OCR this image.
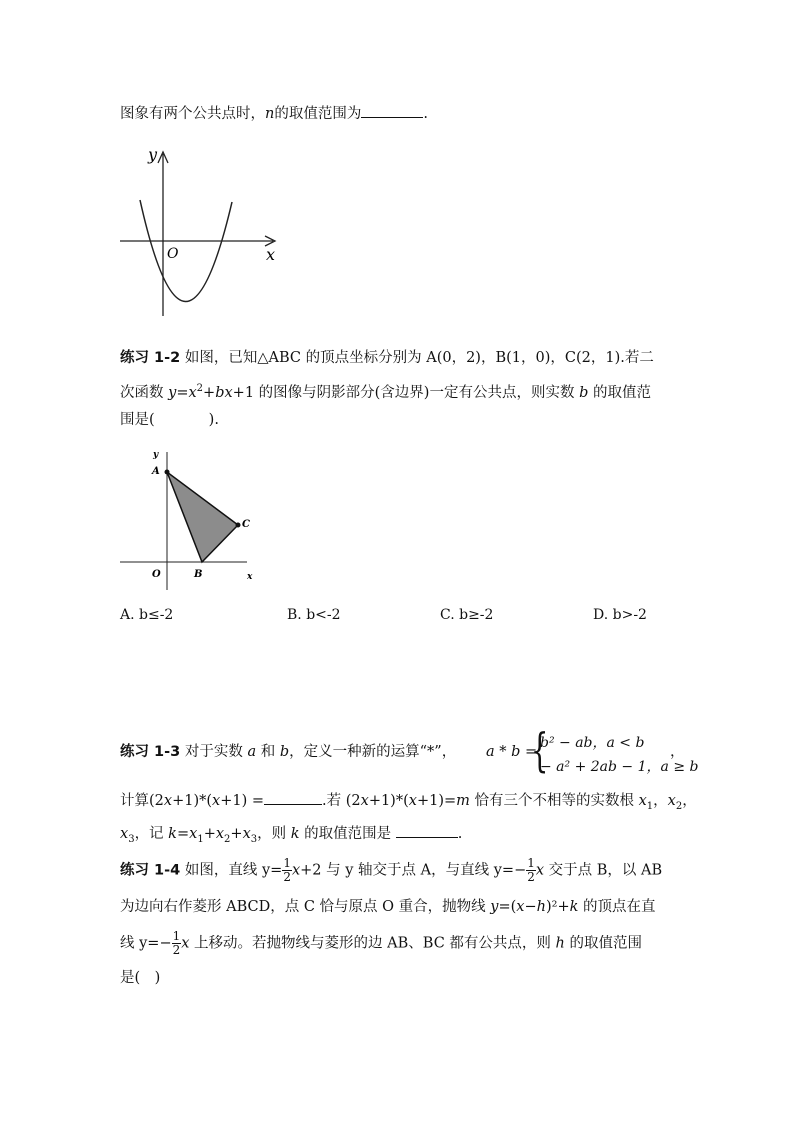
图象有两个公共点时，n的取值范围为	.
y
x
O
练习 1-2 如图，已知△ABC 的顶点坐标分别为 A(0，2)，B(1，0)，C(2，1).若二
次函数 $y=x^2+bx+1$ 的图像与阴影部分(含边界)一定有公共点，则实数 b 的取值范
围是(	).
y
x
O
A
B
C
A. b≤-2	B. b<-2	C. b≥-2	D. b>-2
练习 1-3 对于实数 a 和 b，定义一种新的运算“*”， a * b =
{
b² − ab，a < b
− a² + 2ab − 1，a ≥ b
，
计算(2x+1)*(x+1) =	.若 (2x+1)*(x+1)=m 恰有三个不相等的实数根 $x_1$，$x_2$，
$x_3$，记 $k=x_1+x_2+x_3$，则 k 的取值范围是	.
练习 1-4 如图，直线 $y= \frac{1}{2} x+2$ 与 y 轴交于点 A，与直线 $y=- \frac{1}{2}$ x 交于点 B，以 AB
为边向右作菱形 ABCD，点 C 恰与原点 O 重合，抛物线 y=(x−h)²+k 的顶点在直
线 $y=- \frac{1}{2}$ x 上移动。若抛物线与菱形的边 AB、BC 都有公共点，则 h 的取值范围
是(　)
